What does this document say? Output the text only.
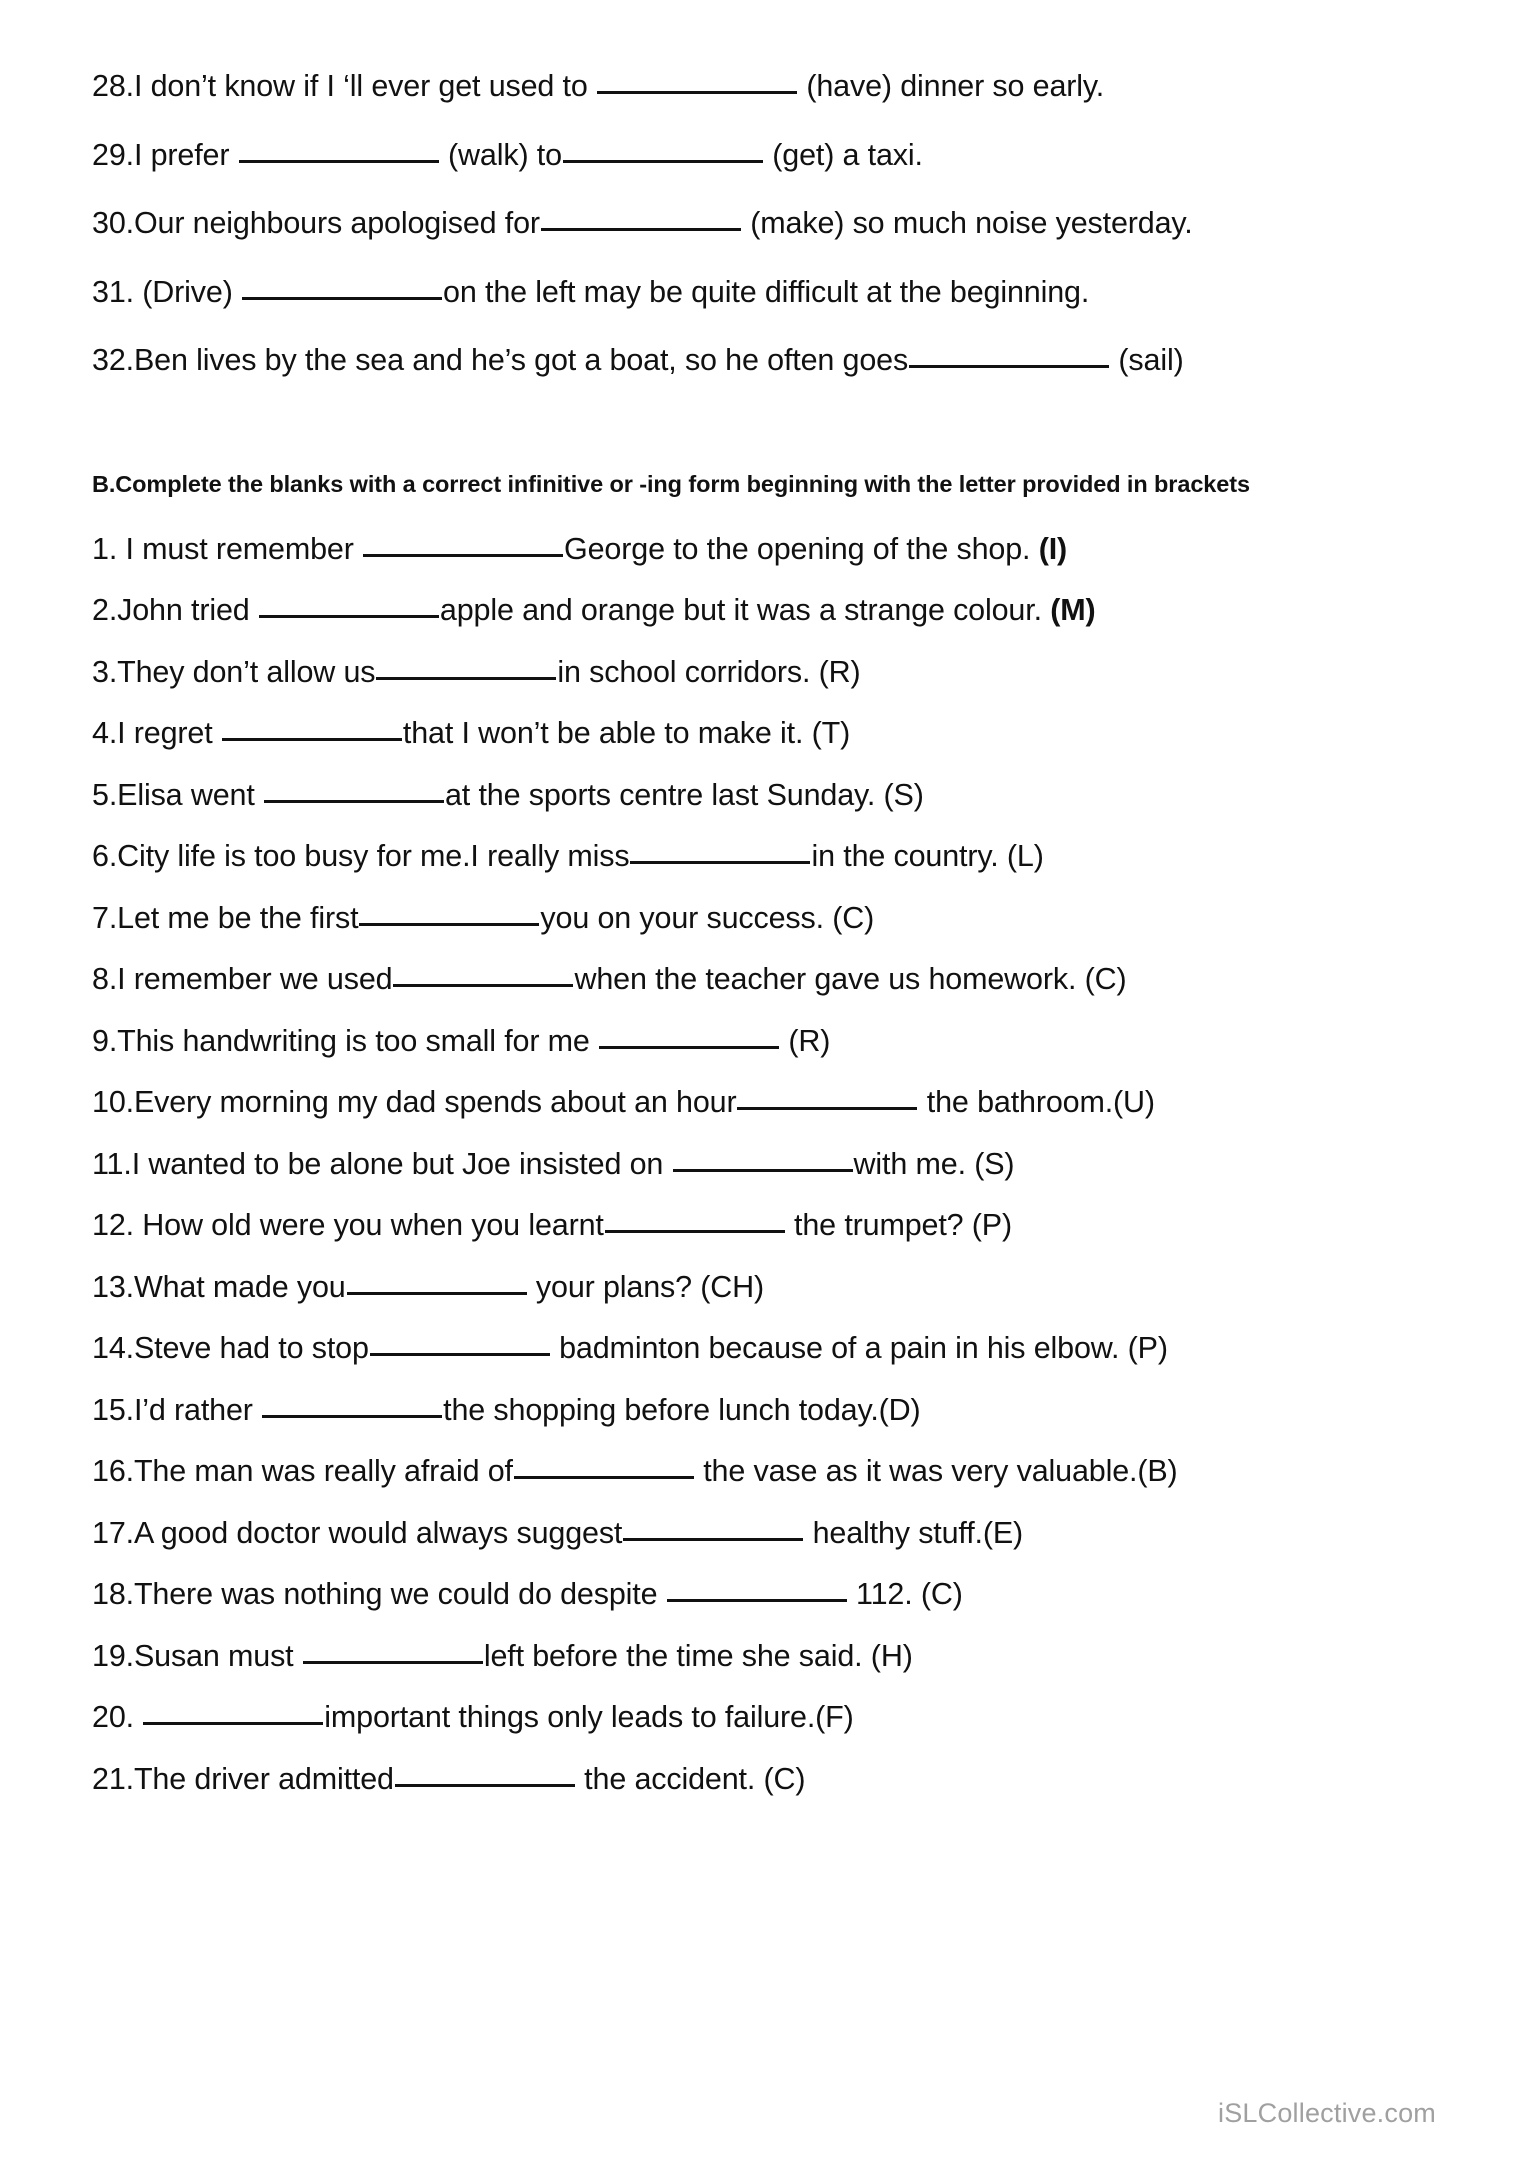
28.I don’t know if I ‘ll ever get used to	(have) dinner so early.

29.I prefer	(walk) to	(get) a taxi.

30.Our neighbours apologised for	(make) so much noise yesterday.

31. (Drive)	on the left may be quite difficult at the beginning.

32.Ben lives by the sea and he’s got a boat, so he often goes	(sail)

B.Complete the blanks with a correct infinitive or -ing form beginning with the letter provided in brackets

1. I must remember	George to the opening of the shop. (I)

2.John tried	apple and orange but it was a strange colour. (M)

3.They don’t allow us	in school corridors. (R)

4.I regret	that I won’t be able to make it. (T)

5.Elisa went	at the sports centre last Sunday. (S)

6.City life is too busy for me.I really miss	in the country. (L)

7.Let me be the first	you on your success. (C)

8.I remember we used	when the teacher gave us homework. (C)

9.This handwriting is too small for me	(R)

10.Every morning my dad spends about an hour	the bathroom.(U)

11.I wanted to be alone but Joe insisted on	with me. (S)

12. How old were you when you learnt	the trumpet? (P)

13.What made you	your plans? (CH)

14.Steve had to stop	badminton because of a pain in his elbow. (P)

15.I’d rather	the shopping before lunch today.(D)

16.The man was really afraid of	the vase as it was very valuable.(B)

17.A good doctor would always suggest	healthy stuff.(E)

18.There was nothing we could do despite	112. (C)

19.Susan must	left before the time she said. (H)

20.	important things only leads to failure.(F)

21.The driver admitted	the accident. (C)

iSLCollective.com
